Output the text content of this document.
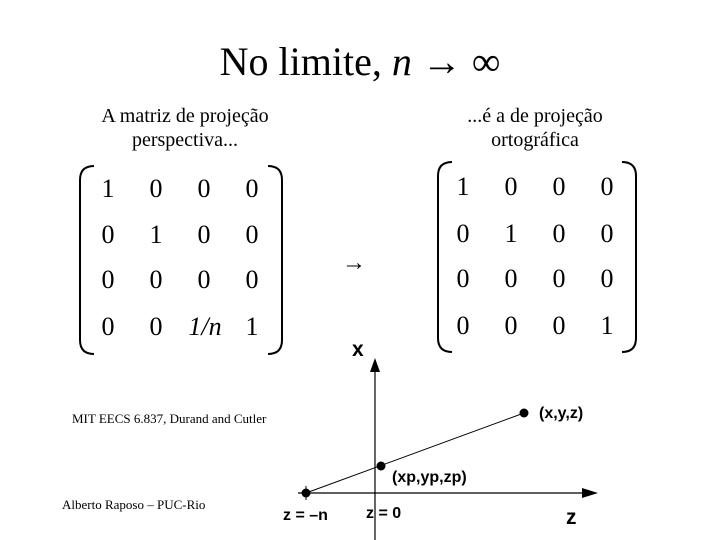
No limite, n → ∞
A matriz de projeção
perspectiva...
...é a de projeção
ortográfica
1 0 0 0
0 1 0 0
0 0 0 0
0 0 1/n 1
→
1 0 0 0
0 1 0 0
0 0 0 0
0 0 0 1
MIT EECS 6.837, Durand and Cutler
Alberto Raposo – PUC-Rio
x
z
(x,y,z)
(xp,yp,zp)
z = –n z = 0
